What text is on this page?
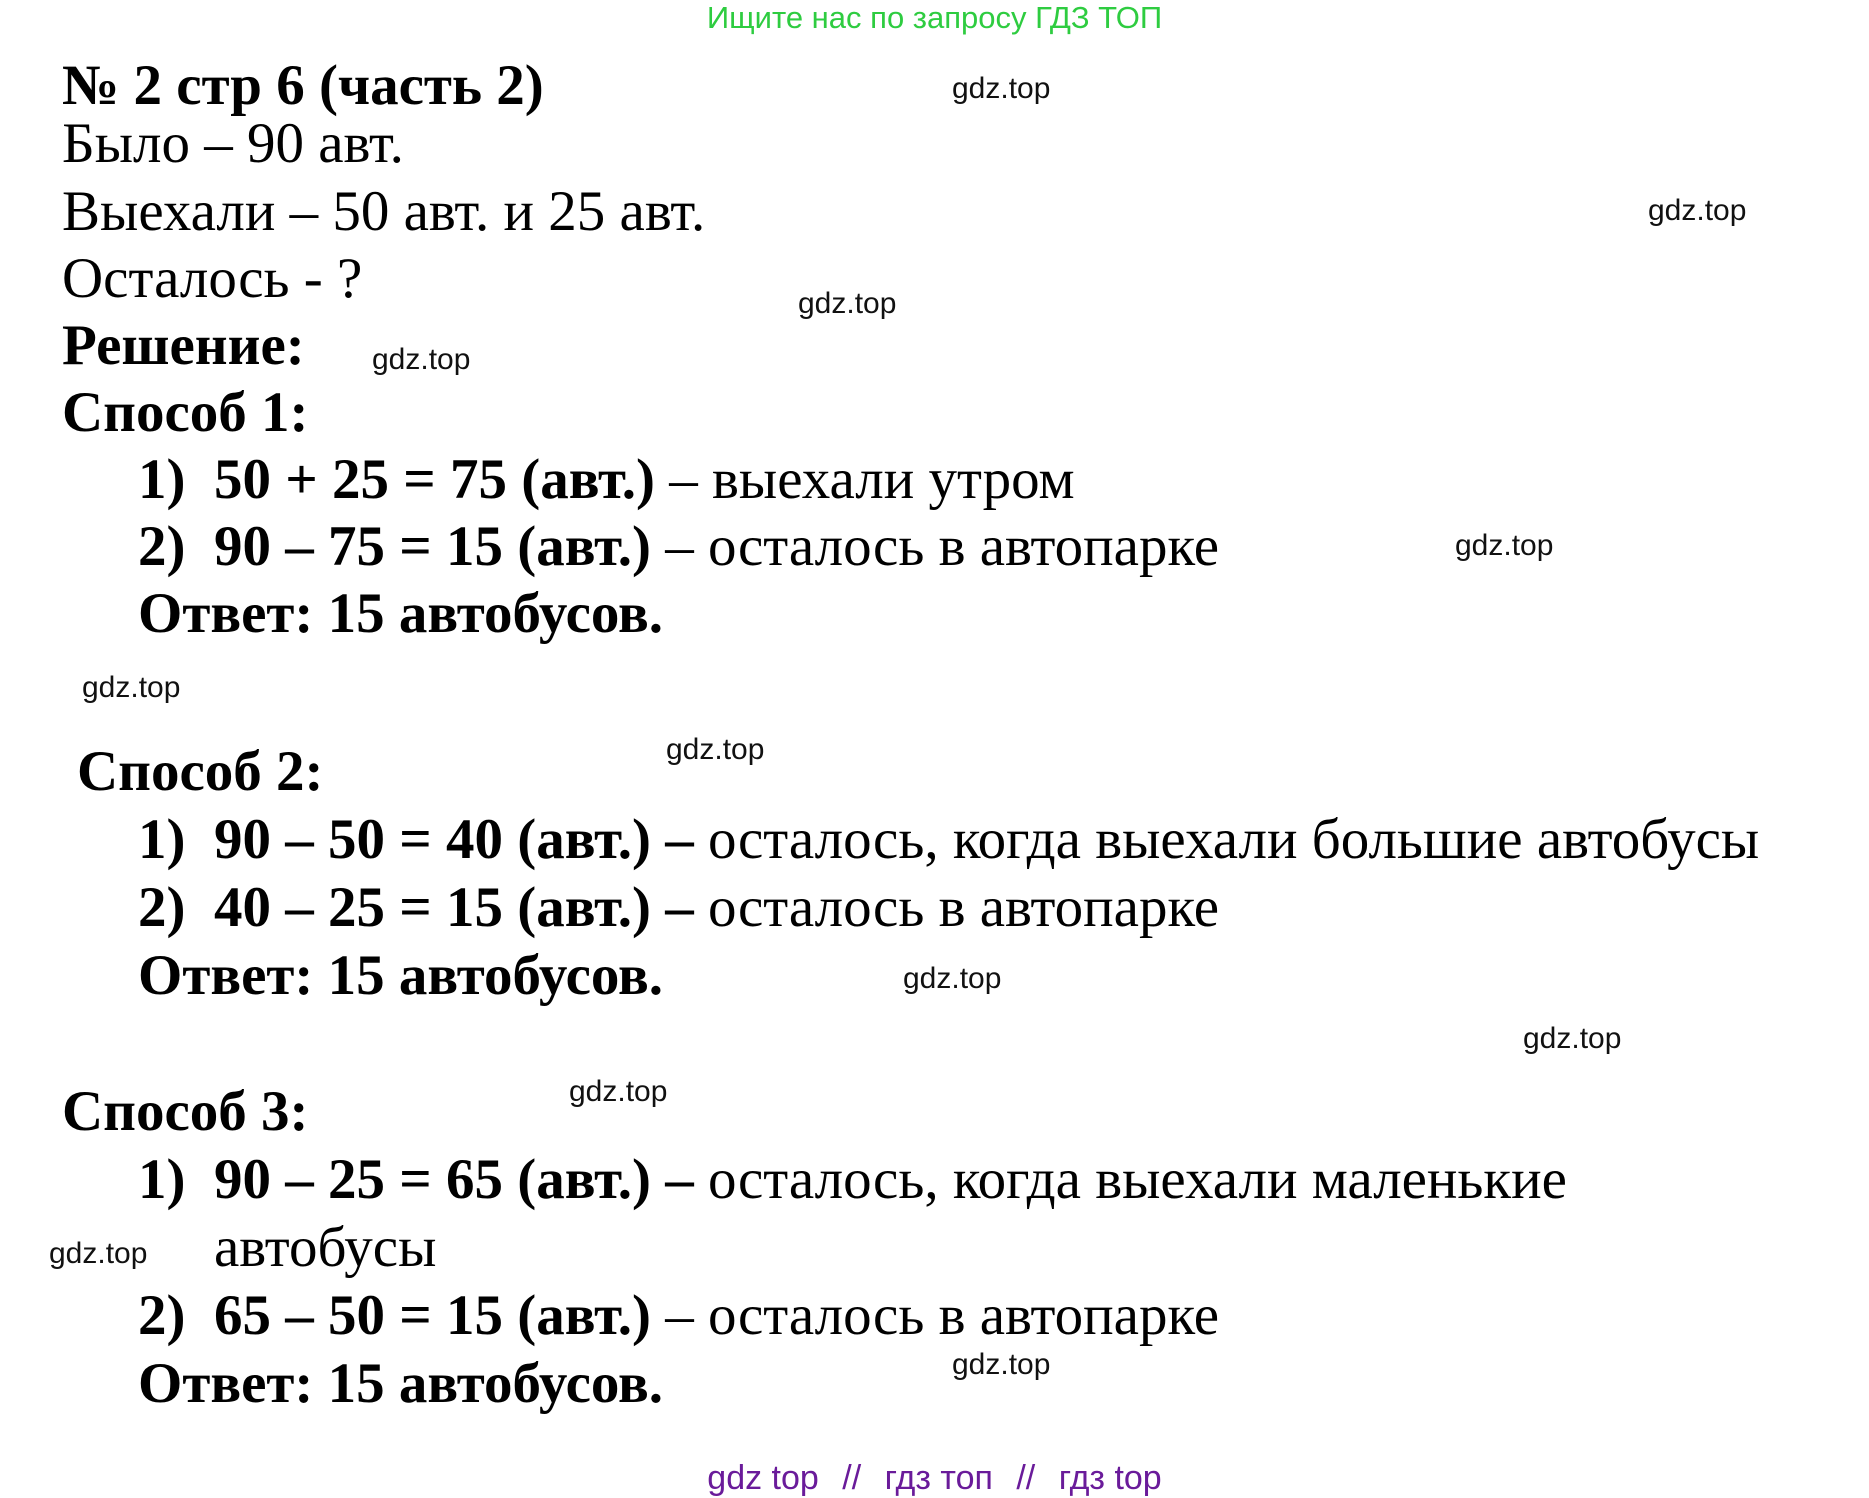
Ищите нас по запросу ГДЗ ТОП
№ 2 стр 6 (часть 2)
Было – 90 авт.
Выехали – 50 авт. и 25 авт.
Осталось - ?
Решение:
Способ 1:
1) 50 + 25 = 75 (авт.) – выехали утром
2) 90 – 75 = 15 (авт.) – осталось в автопарке
Ответ: 15 автобусов.
Способ 2:
1) 90 – 50 = 40 (авт.) – осталось, когда выехали большие автобусы
2) 40 – 25 = 15 (авт.) – осталось в автопарке
Ответ: 15 автобусов.
Способ 3:
1) 90 – 25 = 65 (авт.) – осталось, когда выехали маленькие
автобусы
2) 65 – 50 = 15 (авт.) – осталось в автопарке
Ответ: 15 автобусов.
gdz.top
gdz.top
gdz.top
gdz.top
gdz.top
gdz.top
gdz.top
gdz.top
gdz.top
gdz.top
gdz.top
gdz.top
gdz top // гдз топ // гдз top
